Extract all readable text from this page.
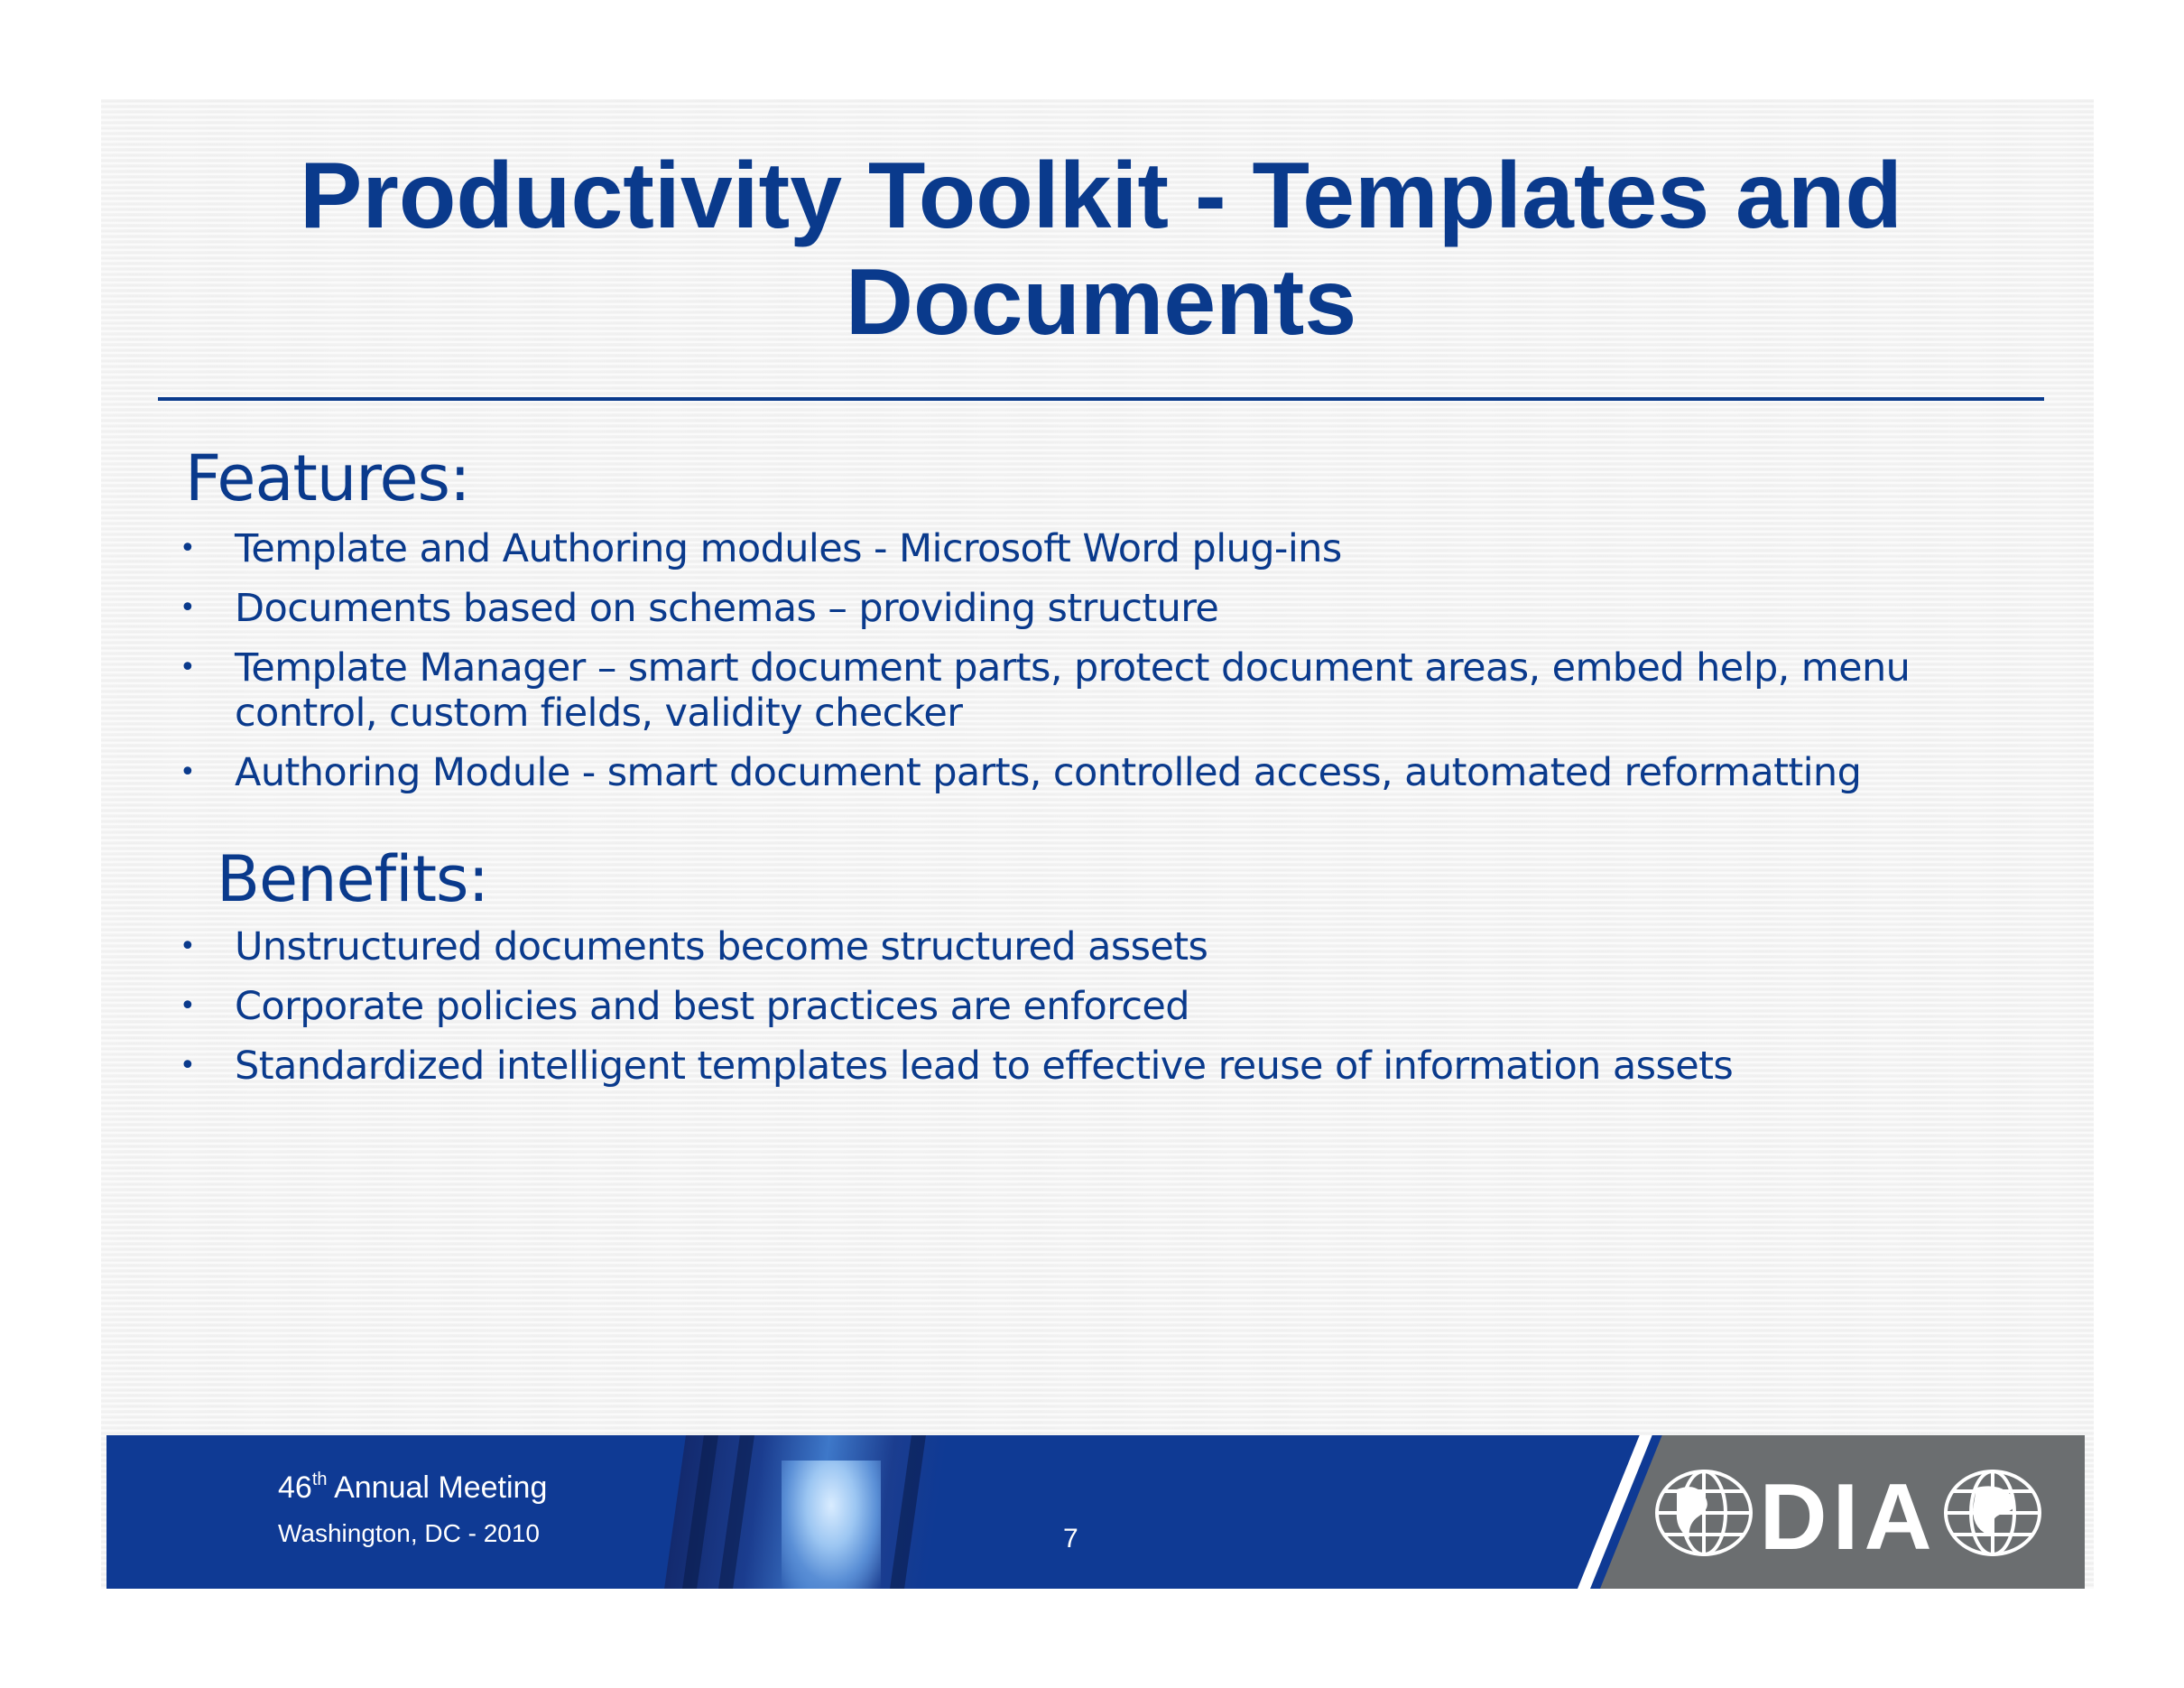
Productivity Toolkit - Templates and Documents
Features:
• Template and Authoring modules - Microsoft Word plug-ins
• Documents based on schemas – providing structure
• Template Manager – smart document parts, protect document areas, embed help, menu control, custom fields, validity checker
• Authoring Module - smart document parts, controlled access, automated reformatting
Benefits:
• Unstructured documents become structured assets
• Corporate policies and best practices are enforced
• Standardized intelligent templates lead to effective reuse of information assets

46th Annual Meeting

Washington, DC - 2010	7	DIA
